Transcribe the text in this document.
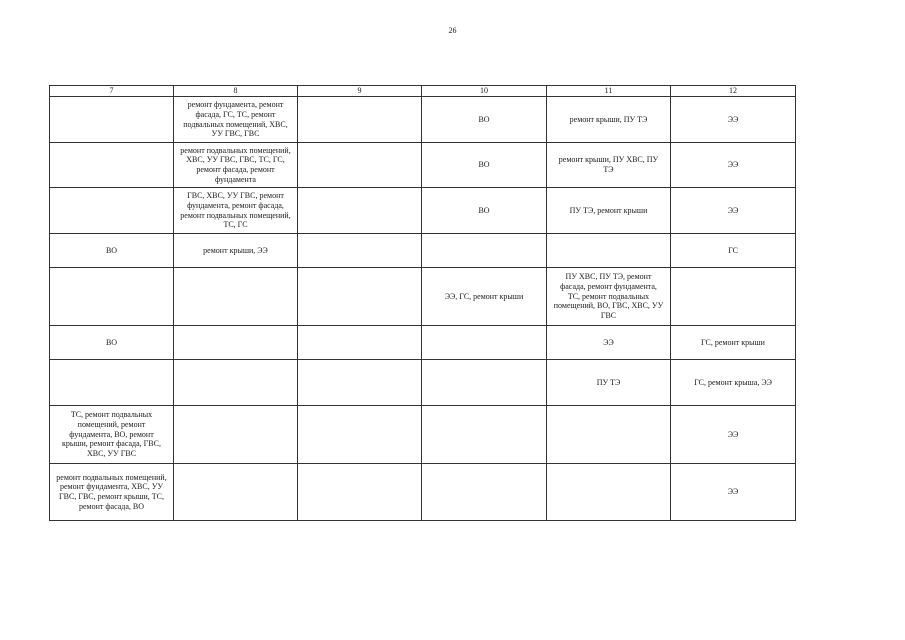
26
7	8	9	10	11	12
	ремонт фундамента, ремонт фасада, ГС, ТС, ремонт подвальных помещений, ХВС, УУ ГВС, ГВС		ВО	ремонт крыши, ПУ ТЭ	ЭЭ
	ремонт подвальных помещений, ХВС, УУ ГВС, ГВС, ТС, ГС, ремонт фасада, ремонт фундамента		ВО	ремонт крыши, ПУ ХВС, ПУ ТЭ	ЭЭ
	ГВС, ХВС, УУ ГВС, ремонт фундамента, ремонт фасада, ремонт подвальных помещений, ТС, ГС		ВО	ПУ ТЭ, ремонт крыши	ЭЭ
ВО	ремонт крыши, ЭЭ				ГС
			ЭЭ, ГС, ремонт крыши	ПУ ХВС, ПУ ТЭ, ремонт фасада, ремонт фундамента, ТС, ремонт подвальных помещений, ВО, ГВС, ХВС, УУ ГВС	
ВО				ЭЭ	ГС, ремонт крыши
				ПУ ТЭ	ГС, ремонт крыша, ЭЭ
ТС, ремонт подвальных помещений, ремонт фундамента, ВО, ремонт крыши, ремонт фасада, ГВС, ХВС, УУ ГВС					ЭЭ
ремонт подвальных помещений, ремонт фундамента, ХВС, УУ ГВС, ГВС, ремонт крыши, ТС, ремонт фасада, ВО					ЭЭ
